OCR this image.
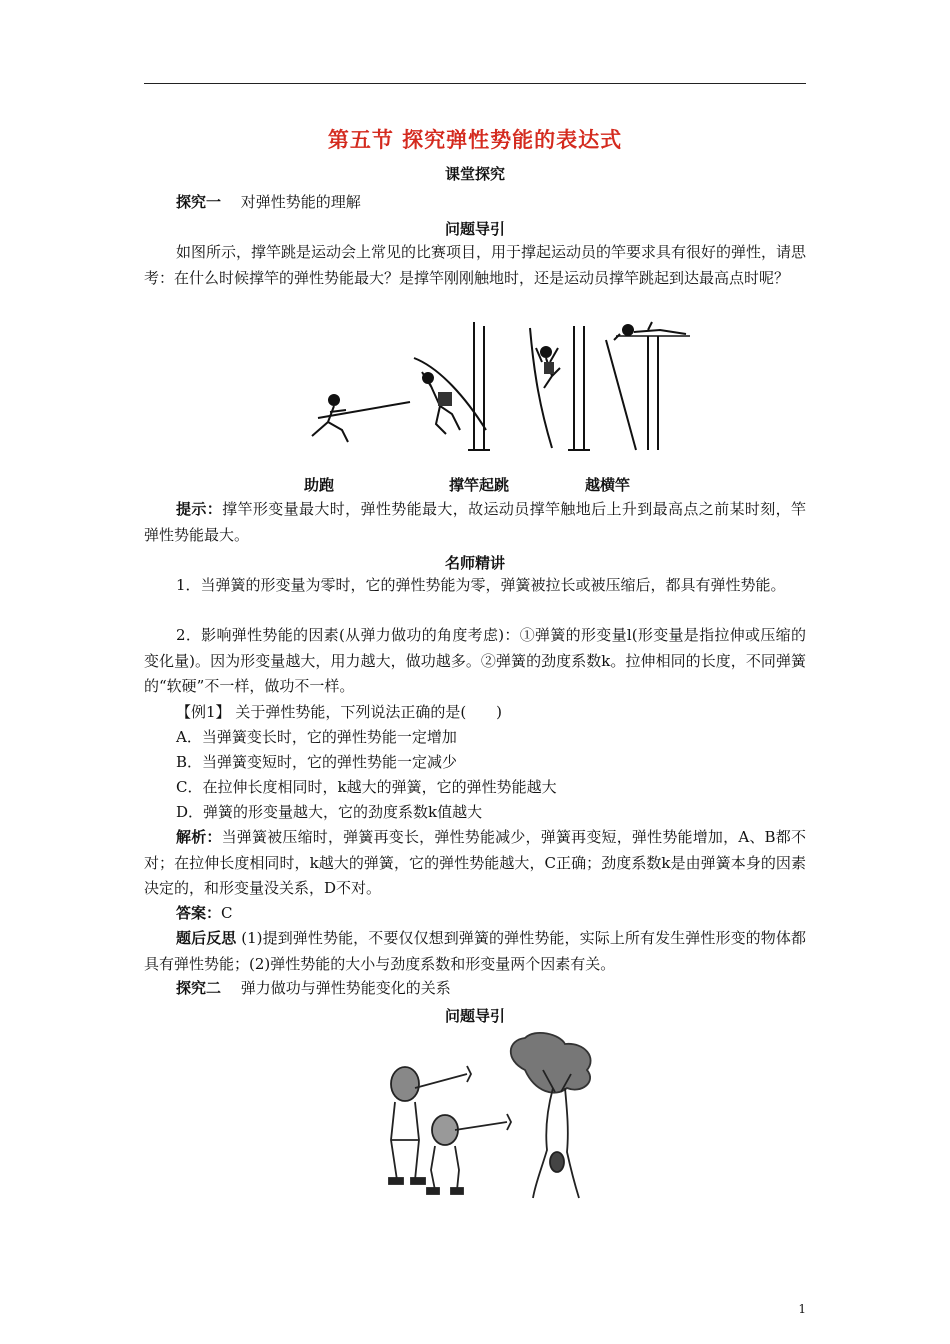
第五节 探究弹性势能的表达式
课堂探究
探究一　 对弹性势能的理解
问题导引
如图所示，撑竿跳是运动会上常见的比赛项目，用于撑起运动员的竿要求具有很好的弹性，请思考：在什么时候撑竿的弹性势能最大？是撑竿刚刚触地时，还是运动员撑竿跳起到达最高点时呢？
助跑	撑竿起跳	越横竿
提示：撑竿形变量最大时，弹性势能最大，故运动员撑竿触地后上升到最高点之前某时刻，竿弹性势能最大。
名师精讲
1．当弹簧的形变量为零时，它的弹性势能为零，弹簧被拉长或被压缩后，都具有弹性势能。
2．影响弹性势能的因素(从弹力做功的角度考虑)：①弹簧的形变量l(形变量是指拉伸或压缩的变化量)。因为形变量越大，用力越大，做功越多。②弹簧的劲度系数k。拉伸相同的长度，不同弹簧的“软硬”不一样，做功不一样。
【例1】 关于弹性势能，下列说法正确的是(　　)
A．当弹簧变长时，它的弹性势能一定增加
B．当弹簧变短时，它的弹性势能一定减少
C．在拉伸长度相同时，k越大的弹簧，它的弹性势能越大
D．弹簧的形变量越大，它的劲度系数k值越大
解析：当弹簧被压缩时，弹簧再变长，弹性势能减少，弹簧再变短，弹性势能增加，A、B都不对；在拉伸长度相同时，k越大的弹簧，它的弹性势能越大，C正确；劲度系数k是由弹簧本身的因素决定的，和形变量没关系，D不对。
答案：C
题后反思 (1)提到弹性势能，不要仅仅想到弹簧的弹性势能，实际上所有发生弹性形变的物体都具有弹性势能；(2)弹性势能的大小与劲度系数和形变量两个因素有关。
探究二　 弹力做功与弹性势能变化的关系
问题导引
1
